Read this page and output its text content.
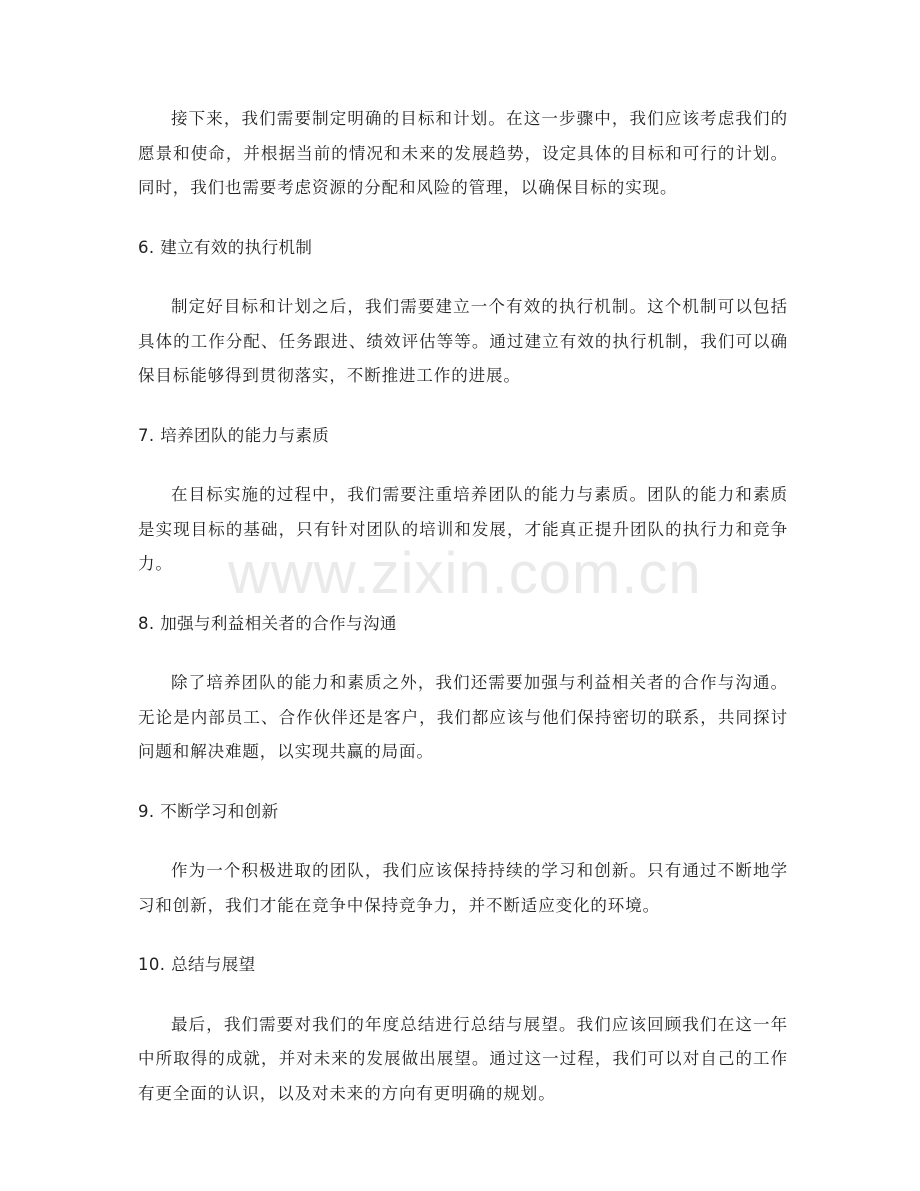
接下来，我们需要制定明确的目标和计划。在这一步骤中，我们应该考虑我们的愿景和使命，并根据当前的情况和未来的发展趋势，设定具体的目标和可行的计划。同时，我们也需要考虑资源的分配和风险的管理，以确保目标的实现。

6. 建立有效的执行机制

制定好目标和计划之后，我们需要建立一个有效的执行机制。这个机制可以包括具体的工作分配、任务跟进、绩效评估等等。通过建立有效的执行机制，我们可以确保目标能够得到贯彻落实，不断推进工作的进展。

7. 培养团队的能力与素质

在目标实施的过程中，我们需要注重培养团队的能力与素质。团队的能力和素质是实现目标的基础，只有针对团队的培训和发展，才能真正提升团队的执行力和竞争力。

8. 加强与利益相关者的合作与沟通

除了培养团队的能力和素质之外，我们还需要加强与利益相关者的合作与沟通。无论是内部员工、合作伙伴还是客户，我们都应该与他们保持密切的联系，共同探讨问题和解决难题，以实现共赢的局面。

9. 不断学习和创新

作为一个积极进取的团队，我们应该保持持续的学习和创新。只有通过不断地学习和创新，我们才能在竞争中保持竞争力，并不断适应变化的环境。

10. 总结与展望

最后，我们需要对我们的年度总结进行总结与展望。我们应该回顾我们在这一年中所取得的成就，并对未来的发展做出展望。通过这一过程，我们可以对自己的工作有更全面的认识，以及对未来的方向有更明确的规划。

www.zixin.com.cn
